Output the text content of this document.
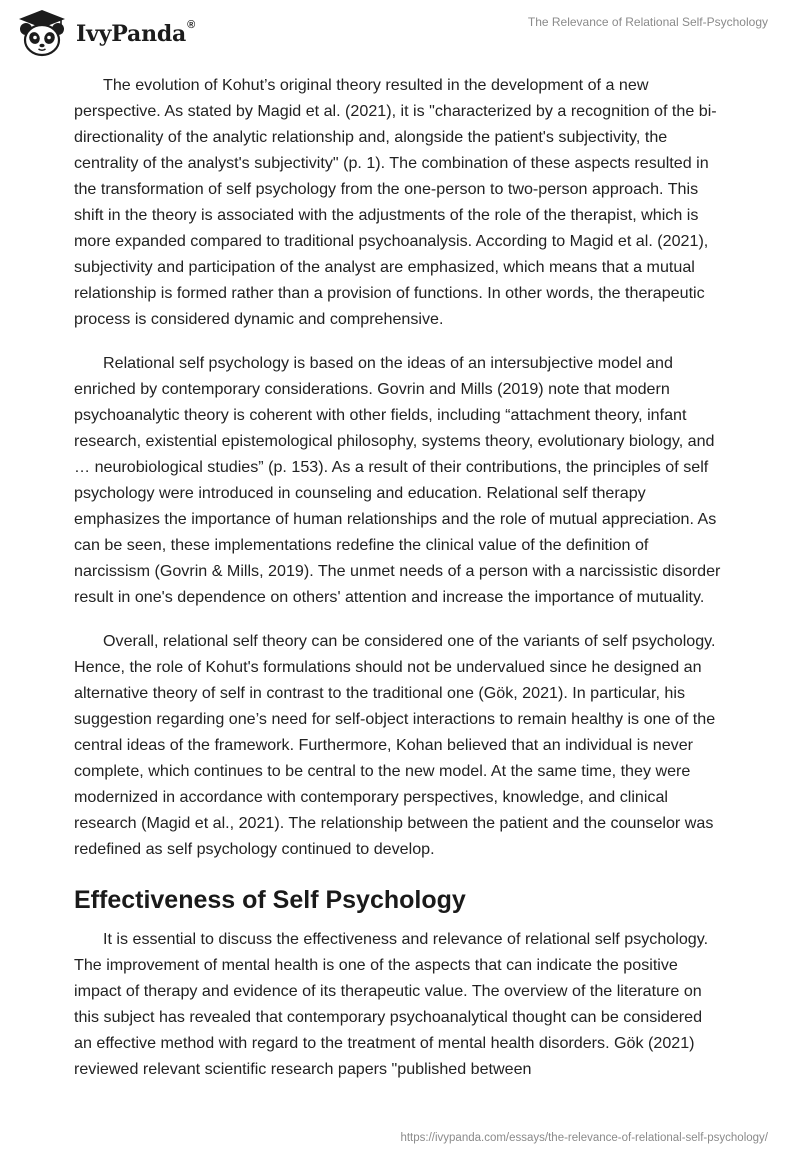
IvyPanda ®	The Relevance of Relational Self-Psychology

The evolution of Kohut’s original theory resulted in the development of a new perspective. As stated by Magid et al. (2021), it is "characterized by a recognition of the bi-directionality of the analytic relationship and, alongside the patient's subjectivity, the centrality of the analyst's subjectivity" (p. 1). The combination of these aspects resulted in the transformation of self psychology from the one-person to two-person approach. This shift in the theory is associated with the adjustments of the role of the therapist, which is more expanded compared to traditional psychoanalysis. According to Magid et al. (2021), subjectivity and participation of the analyst are emphasized, which means that a mutual relationship is formed rather than a provision of functions. In other words, the therapeutic process is considered dynamic and comprehensive.

Relational self psychology is based on the ideas of an intersubjective model and enriched by contemporary considerations. Govrin and Mills (2019) note that modern psychoanalytic theory is coherent with other fields, including “attachment theory, infant research, existential epistemological philosophy, systems theory, evolutionary biology, and … neurobiological studies” (p. 153). As a result of their contributions, the principles of self psychology were introduced in counseling and education. Relational self therapy emphasizes the importance of human relationships and the role of mutual appreciation. As can be seen, these implementations redefine the clinical value of the definition of narcissism (Govrin & Mills, 2019). The unmet needs of a person with a narcissistic disorder result in one's dependence on others' attention and increase the importance of mutuality.

Overall, relational self theory can be considered one of the variants of self psychology. Hence, the role of Kohut's formulations should not be undervalued since he designed an alternative theory of self in contrast to the traditional one (Gök, 2021). In particular, his suggestion regarding one’s need for self-object interactions to remain healthy is one of the central ideas of the framework. Furthermore, Kohan believed that an individual is never complete, which continues to be central to the new model. At the same time, they were modernized in accordance with contemporary perspectives, knowledge, and clinical research (Magid et al., 2021). The relationship between the patient and the counselor was redefined as self psychology continued to develop.

Effectiveness of Self Psychology

It is essential to discuss the effectiveness and relevance of relational self psychology. The improvement of mental health is one of the aspects that can indicate the positive impact of therapy and evidence of its therapeutic value. The overview of the literature on this subject has revealed that contemporary psychoanalytical thought can be considered an effective method with regard to the treatment of mental health disorders. Gök (2021) reviewed relevant scientific research papers "published between

https://ivypanda.com/essays/the-relevance-of-relational-self-psychology/
